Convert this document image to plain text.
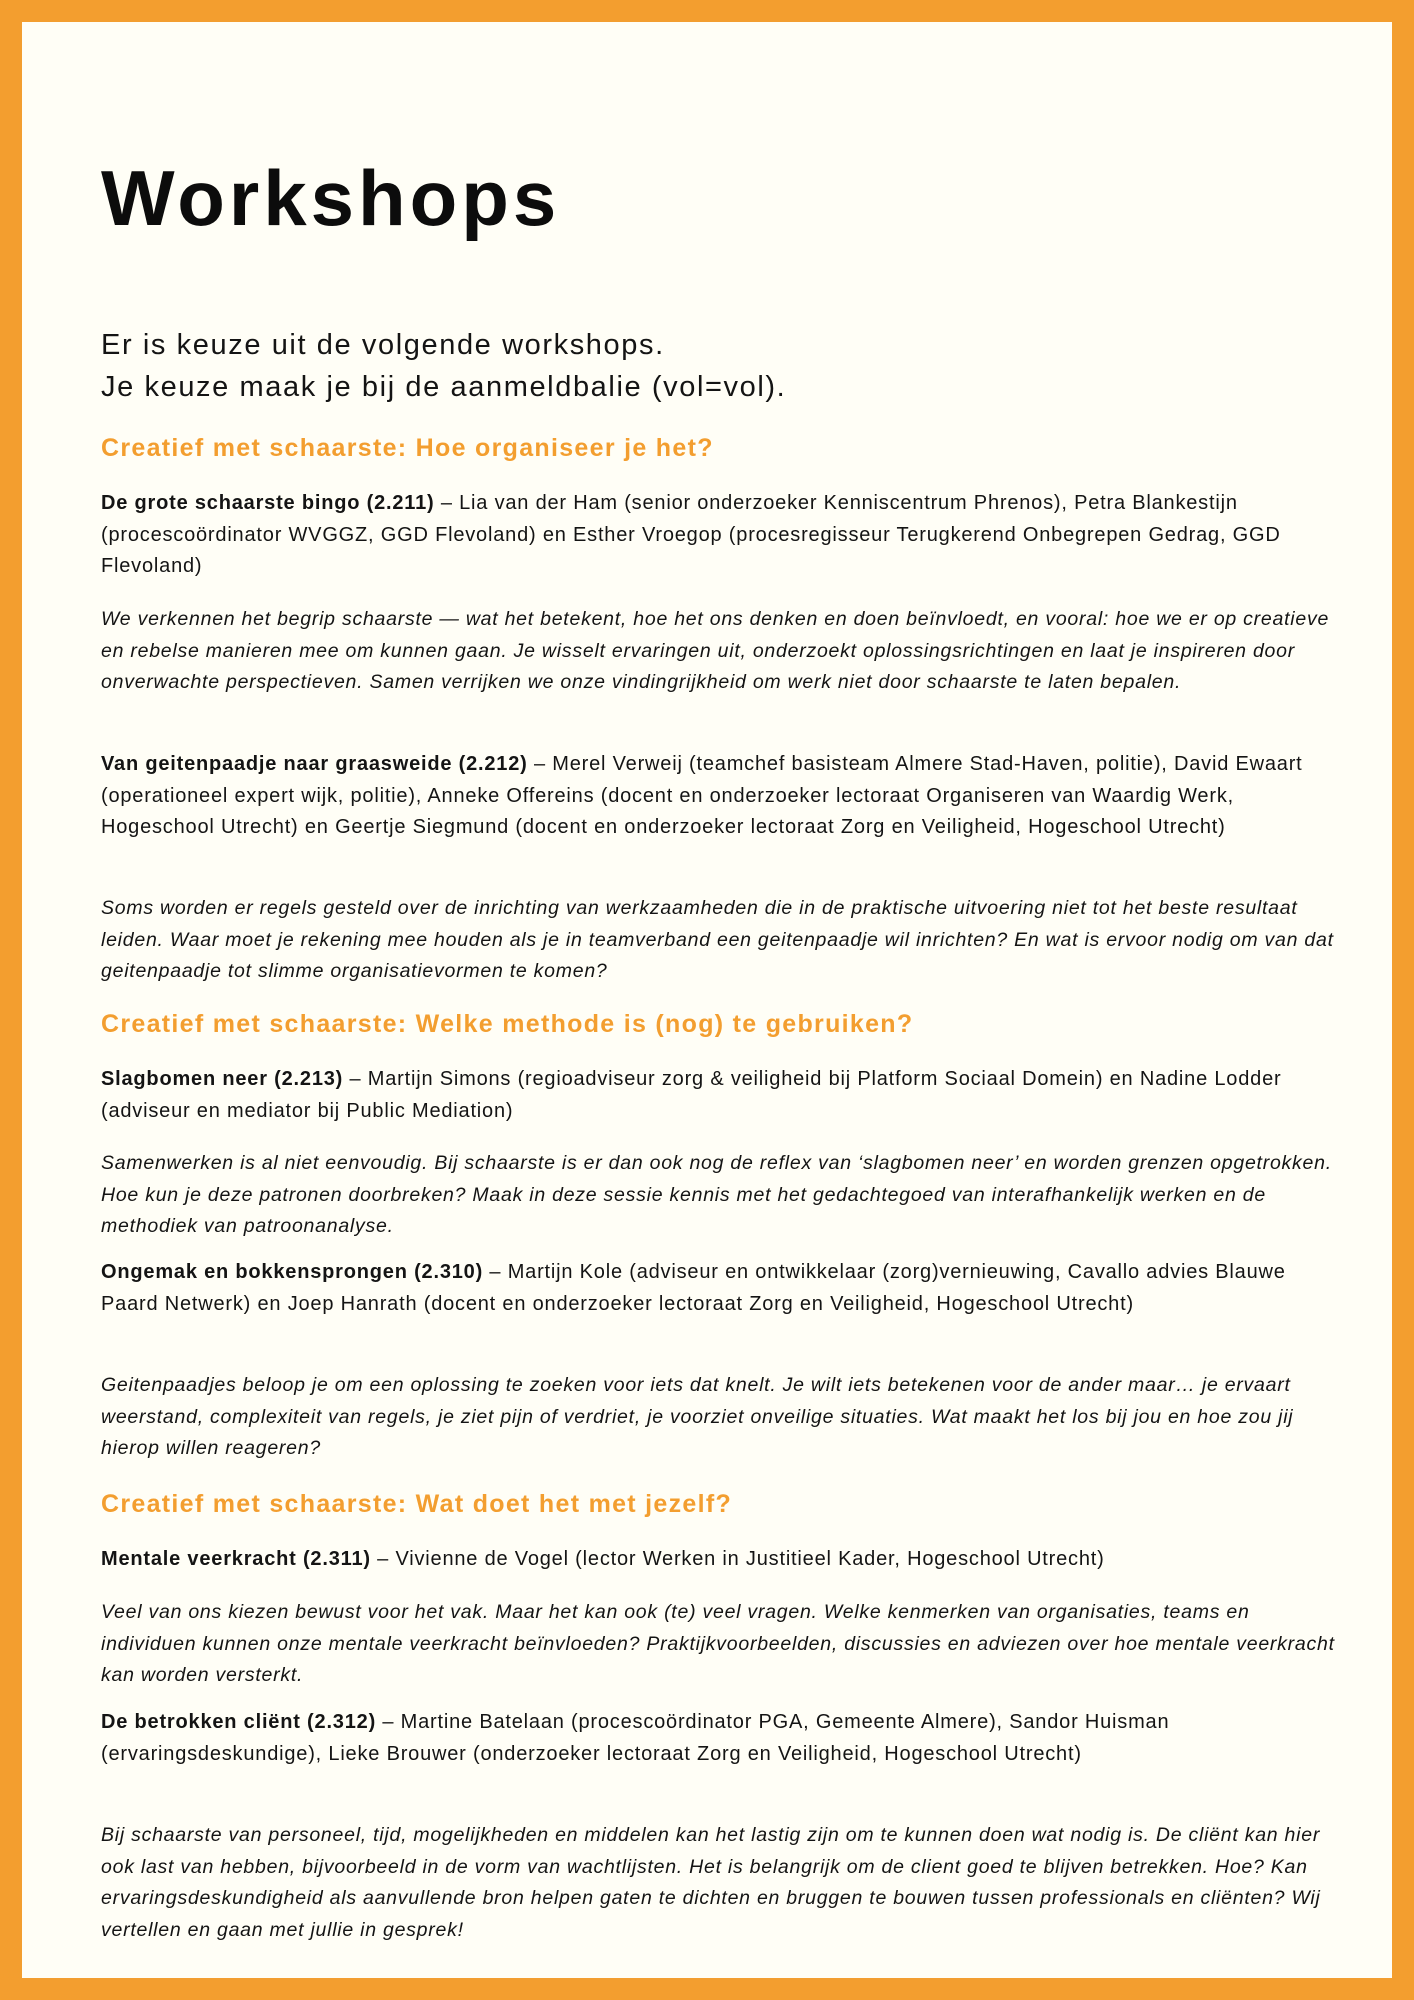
Workshops
Er is keuze uit de volgende workshops.
Je keuze maak je bij de aanmeldbalie (vol=vol).
Creatief met schaarste: Hoe organiseer je het?
De grote schaarste bingo (2.211) – Lia van der Ham (senior onderzoeker Kenniscentrum Phrenos), Petra Blankestijn (procescoördinator WVGGZ, GGD Flevoland) en Esther Vroegop (procesregisseur Terugkerend Onbegrepen Gedrag, GGD Flevoland)
We verkennen het begrip schaarste — wat het betekent, hoe het ons denken en doen beïnvloedt, en vooral: hoe we er op creatieve en rebelse manieren mee om kunnen gaan. Je wisselt ervaringen uit, onderzoekt oplossingsrichtingen en laat je inspireren door onverwachte perspectieven. Samen verrijken we onze vindingrijkheid om werk niet door schaarste te laten bepalen.
Van geitenpaadje naar graasweide (2.212) – Merel Verweij (teamchef basisteam Almere Stad-Haven, politie), David Ewaart (operationeel expert wijk, politie), Anneke Offereins (docent en onderzoeker lectoraat Organiseren van Waardig Werk, Hogeschool Utrecht) en Geertje Siegmund (docent en onderzoeker lectoraat Zorg en Veiligheid, Hogeschool Utrecht)
Soms worden er regels gesteld over de inrichting van werkzaamheden die in de praktische uitvoering niet tot het beste resultaat leiden. Waar moet je rekening mee houden als je in teamverband een geitenpaadje wil inrichten? En wat is ervoor nodig om van dat geitenpaadje tot slimme organisatievormen te komen?
Creatief met schaarste: Welke methode is (nog) te gebruiken?
Slagbomen neer (2.213) – Martijn Simons (regioadviseur zorg & veiligheid bij Platform Sociaal Domein) en Nadine Lodder (adviseur en mediator bij Public Mediation)
Samenwerken is al niet eenvoudig. Bij schaarste is er dan ook nog de reflex van ‘slagbomen neer’ en worden grenzen opgetrokken. Hoe kun je deze patronen doorbreken? Maak in deze sessie kennis met het gedachtegoed van interafhankelijk werken en de methodiek van patroonanalyse.
Ongemak en bokkensprongen (2.310) – Martijn Kole (adviseur en ontwikkelaar (zorg)vernieuwing, Cavallo advies Blauwe Paard Netwerk) en Joep Hanrath (docent en onderzoeker lectoraat Zorg en Veiligheid, Hogeschool Utrecht)
Geitenpaadjes beloop je om een oplossing te zoeken voor iets dat knelt. Je wilt iets betekenen voor de ander maar… je ervaart weerstand, complexiteit van regels, je ziet pijn of verdriet, je voorziet onveilige situaties. Wat maakt het los bij jou en hoe zou jij hierop willen reageren?
Creatief met schaarste: Wat doet het met jezelf?
Mentale veerkracht (2.311) – Vivienne de Vogel (lector Werken in Justitieel Kader, Hogeschool Utrecht)
Veel van ons kiezen bewust voor het vak. Maar het kan ook (te) veel vragen. Welke kenmerken van organisaties, teams en individuen kunnen onze mentale veerkracht beïnvloeden? Praktijkvoorbeelden, discussies en adviezen over hoe mentale veerkracht kan worden versterkt.
De betrokken cliënt (2.312) – Martine Batelaan (procescoördinator PGA, Gemeente Almere), Sandor Huisman (ervaringsdeskundige), Lieke Brouwer (onderzoeker lectoraat Zorg en Veiligheid, Hogeschool Utrecht)
Bij schaarste van personeel, tijd, mogelijkheden en middelen kan het lastig zijn om te kunnen doen wat nodig is. De cliënt kan hier ook last van hebben, bijvoorbeeld in de vorm van wachtlijsten. Het is belangrijk om de client goed te blijven betrekken. Hoe? Kan ervaringsdeskundigheid als aanvullende bron helpen gaten te dichten en bruggen te bouwen tussen professionals en cliënten? Wij vertellen en gaan met jullie in gesprek!
